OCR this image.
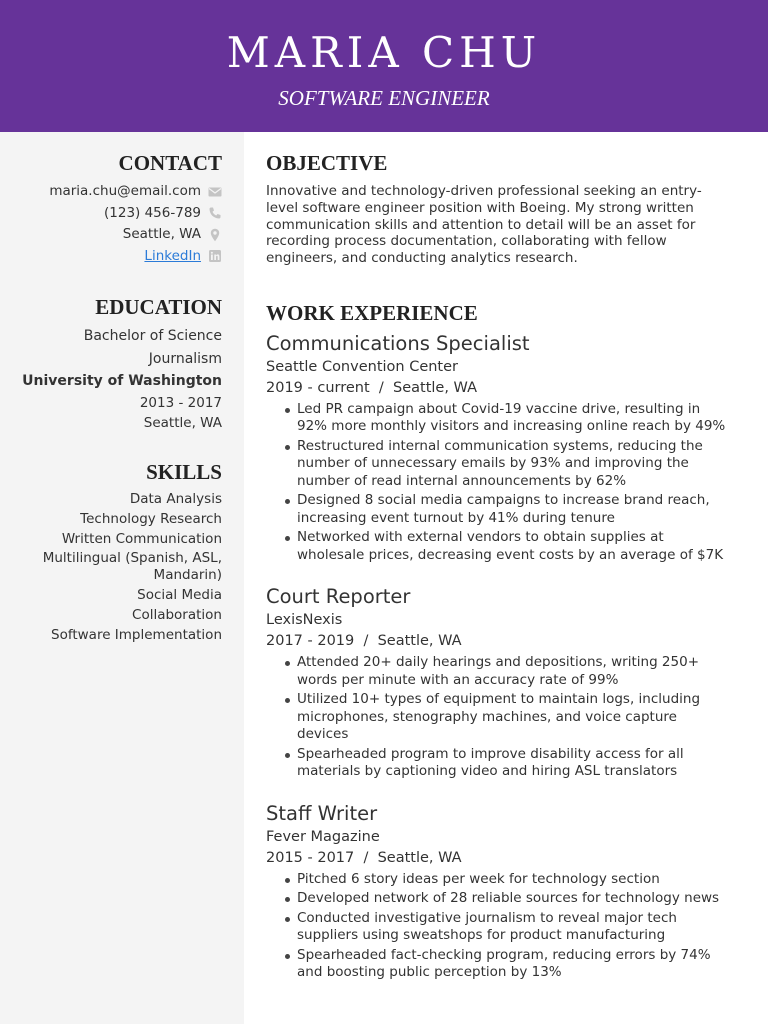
MARIA CHU
SOFTWARE ENGINEER
CONTACT
maria.chu@email.com
(123) 456-789
Seattle, WA
LinkedIn
EDUCATION
Bachelor of Science
Journalism
University of Washington
2013 - 2017
Seattle, WA
SKILLS
Data Analysis
Technology Research
Written Communication
Multilingual (Spanish, ASL,
Mandarin)
Social Media
Collaboration
Software Implementation
OBJECTIVE
Innovative and technology-driven professional seeking an entry-level software engineer position with Boeing. My strong written communication skills and attention to detail will be an asset for recording process documentation, collaborating with fellow engineers, and conducting analytics research.
WORK EXPERIENCE
Communications Specialist
Seattle Convention Center
2019 - current  /  Seattle, WA
Led PR campaign about Covid-19 vaccine drive, resulting in 92% more monthly visitors and increasing online reach by 49%
Restructured internal communication systems, reducing the number of unnecessary emails by 93% and improving the number of read internal announcements by 62%
Designed 8 social media campaigns to increase brand reach, increasing event turnout by 41% during tenure
Networked with external vendors to obtain supplies at wholesale prices, decreasing event costs by an average of $7K
Court Reporter
LexisNexis
2017 - 2019  /  Seattle, WA
Attended 20+ daily hearings and depositions, writing 250+ words per minute with an accuracy rate of 99%
Utilized 10+ types of equipment to maintain logs, including microphones, stenography machines, and voice capture devices
Spearheaded program to improve disability access for all materials by captioning video and hiring ASL translators
Staff Writer
Fever Magazine
2015 - 2017  /  Seattle, WA
Pitched 6 story ideas per week for technology section
Developed network of 28 reliable sources for technology news
Conducted investigative journalism to reveal major tech suppliers using sweatshops for product manufacturing
Spearheaded fact-checking program, reducing errors by 74% and boosting public perception by 13%
